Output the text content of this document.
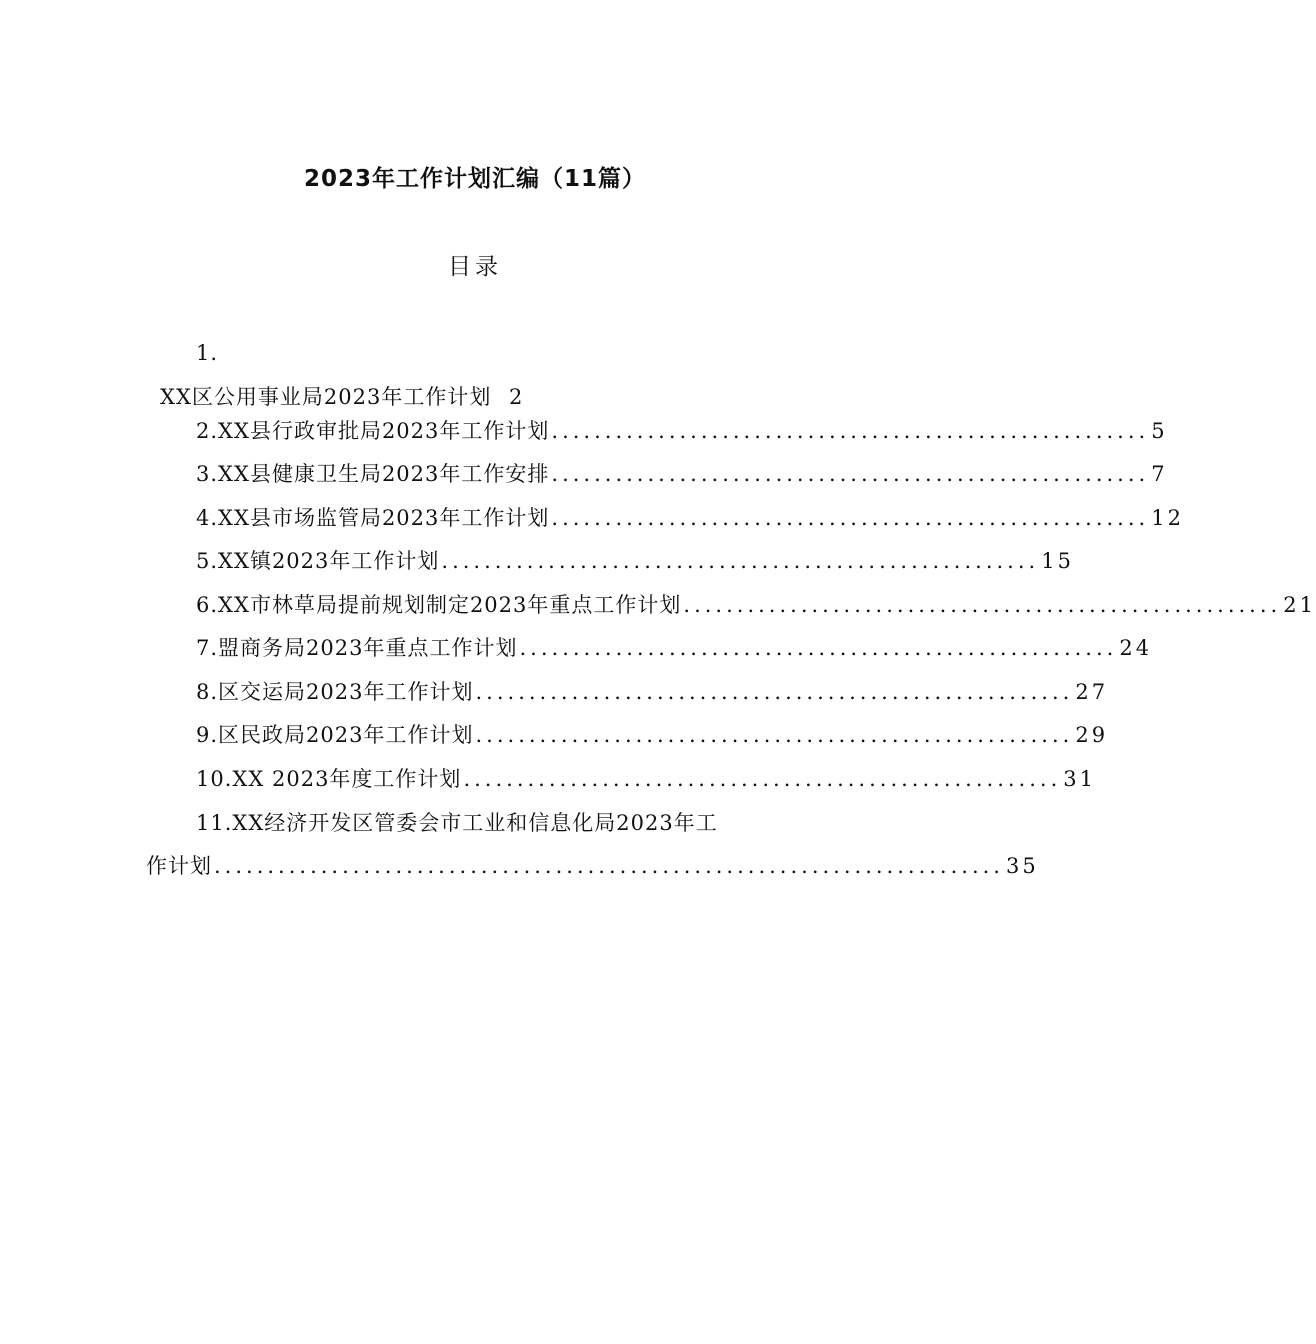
2023年工作计划汇编（11篇）
目录
1.
XX区公用事业局2023年工作计划 2
2. XX县行政审批局2023年工作计划 ........................................................ 5
3. XX县健康卫生局2023年工作安排 ........................................................ 7
4. XX县市场监管局2023年工作计划 ........................................................ 12
5. XX镇2023年工作计划 ........................................................ 15
6. XX市林草局提前规划制定2023年重点工作计划 ........................................................ 21
7. 盟商务局2023年重点工作计划 ........................................................ 24
8. 区交运局2023年工作计划 ........................................................ 27
9. 区民政局2023年工作计划 ........................................................ 29
10. XX 2023年度工作计划 ........................................................ 31
11.XX经济开发区管委会市工业和信息化局2023年工
作计划 .......................................................................... 35
